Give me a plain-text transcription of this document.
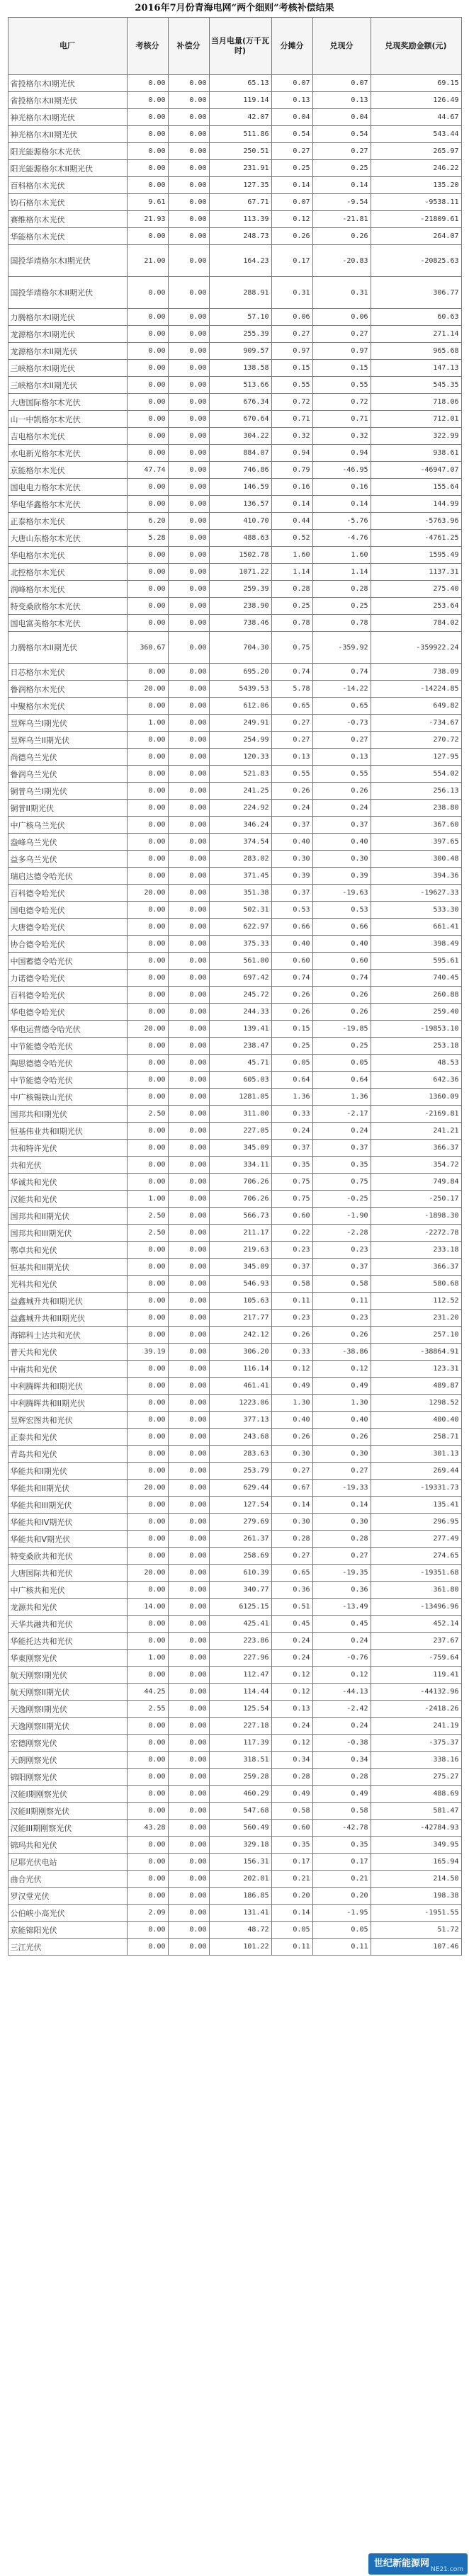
2016年7月份青海电网“两个细则”考核补偿结果
电厂	考核分	补偿分	当月电量(万千瓦时)	分摊分	兑现分	兑现奖励金额(元)
省投格尔木I期光伏	0.00	0.00	65.13	0.07	0.07	69.15
省投格尔木II期光伏	0.00	0.00	119.14	0.13	0.13	126.49
神光格尔木I期光伏	0.00	0.00	42.07	0.04	0.04	44.67
神光格尔木II期光伏	0.00	0.00	511.86	0.54	0.54	543.44
阳光能源格尔木光伏	0.00	0.00	250.51	0.27	0.27	265.97
阳光能源格尔木II期光伏	0.00	0.00	231.91	0.25	0.25	246.22
百科格尔木光伏	0.00	0.00	127.35	0.14	0.14	135.20
钧石格尔木光伏	9.61	0.00	67.71	0.07	-9.54	-9538.11
赛维格尔木光伏	21.93	0.00	113.39	0.12	-21.81	-21809.61
华能格尔木光伏	0.00	0.00	248.73	0.26	0.26	264.07
国投华靖格尔木I期光伏	21.00	0.00	164.23	0.17	-20.83	-20825.63
国投华靖格尔木II期光伏	0.00	0.00	288.91	0.31	0.31	306.77
力腾格尔木I期光伏	0.00	0.00	57.10	0.06	0.06	60.63
龙源格尔木I期光伏	0.00	0.00	255.39	0.27	0.27	271.14
龙源格尔木II期光伏	0.00	0.00	909.57	0.97	0.97	965.68
三峡格尔木I期光伏	0.00	0.00	138.58	0.15	0.15	147.13
三峡格尔木II期光伏	0.00	0.00	513.66	0.55	0.55	545.35
大唐国际格尔木光伏	0.00	0.00	676.34	0.72	0.72	718.06
山一中凯格尔木光伏	0.00	0.00	670.64	0.71	0.71	712.01
吉电格尔木光伏	0.00	0.00	304.22	0.32	0.32	322.99
水电新光格尔木光伏	0.00	0.00	884.07	0.94	0.94	938.61
京能格尔木光伏	47.74	0.00	746.86	0.79	-46.95	-46947.07
国电电力格尔木光伏	0.00	0.00	146.59	0.16	0.16	155.64
华电华鑫格尔木光伏	0.00	0.00	136.57	0.14	0.14	144.99
正泰格尔木光伏	6.20	0.00	410.70	0.44	-5.76	-5763.96
大唐山东格尔木光伏	5.28	0.00	488.63	0.52	-4.76	-4761.25
华电格尔木光伏	0.00	0.00	1502.78	1.60	1.60	1595.49
北控格尔木光伏	0.00	0.00	1071.22	1.14	1.14	1137.31
润峰格尔木光伏	0.00	0.00	259.39	0.28	0.28	275.40
特变桑欣格尔木光伏	0.00	0.00	238.90	0.25	0.25	253.64
国电富美格尔木光伏	0.00	0.00	738.46	0.78	0.78	784.02
力腾格尔木II期光伏	360.67	0.00	704.30	0.75	-359.92	-359922.24
日芯格尔木光伏	0.00	0.00	695.20	0.74	0.74	738.09
鲁润格尔木光伏	20.00	0.00	5439.53	5.78	-14.22	-14224.85
中聚格尔木光伏	0.00	0.00	612.06	0.65	0.65	649.82
昱辉乌兰I期光伏	1.00	0.00	249.91	0.27	-0.73	-734.67
昱辉乌兰II期光伏	0.00	0.00	254.99	0.27	0.27	270.72
尚德乌兰光伏	0.00	0.00	120.33	0.13	0.13	127.95
鲁润乌兰光伏	0.00	0.00	521.83	0.55	0.55	554.02
铜普乌兰I期光伏	0.00	0.00	241.25	0.26	0.26	256.13
铜普II期光伏	0.00	0.00	224.92	0.24	0.24	238.80
中广核乌兰光伏	0.00	0.00	346.24	0.37	0.37	367.60
盎峰乌兰光伏	0.00	0.00	374.54	0.40	0.40	397.65
益多乌兰光伏	0.00	0.00	283.02	0.30	0.30	300.48
瑞启达德令哈光伏	0.00	0.00	371.45	0.39	0.39	394.36
百科德令哈光伏	20.00	0.00	351.38	0.37	-19.63	-19627.33
国电德令哈光伏	0.00	0.00	502.31	0.53	0.53	533.30
大唐德令哈光伏	0.00	0.00	622.97	0.66	0.66	661.41
协合德令哈光伏	0.00	0.00	375.33	0.40	0.40	398.49
中国蓄德令哈光伏	0.00	0.00	561.00	0.60	0.60	595.61
力诺德令哈光伏	0.00	0.00	697.42	0.74	0.74	740.45
百科德令哈光伏	0.00	0.00	245.72	0.26	0.26	260.88
华电德令哈光伏	0.00	0.00	244.33	0.26	0.26	259.40
华电运营德令哈光伏	20.00	0.00	139.41	0.15	-19.85	-19853.10
中节能德令哈光伏	0.00	0.00	238.47	0.25	0.25	253.18
陶思德德令哈光伏	0.00	0.00	45.71	0.05	0.05	48.53
中节能德令哈光伏	0.00	0.00	605.03	0.64	0.64	642.36
中广核锡铁山光伏	0.00	0.00	1281.05	1.36	1.36	1360.09
国邦共和I期光伏	2.50	0.00	311.00	0.33	-2.17	-2169.81
恒基伟业共和I期光伏	0.00	0.00	227.05	0.24	0.24	241.21
共和特许光伏	0.00	0.00	345.09	0.37	0.37	366.37
共和光伏	0.00	0.00	334.11	0.35	0.35	354.72
华诚共和光伏	0.00	0.00	706.26	0.75	0.75	749.84
汉能共和光伏	1.00	0.00	706.26	0.75	-0.25	-250.17
国邦共和II期光伏	2.50	0.00	566.73	0.60	-1.90	-1898.30
国邦共和III期光伏	2.50	0.00	211.17	0.22	-2.28	-2272.78
鄂卓共和光伏	0.00	0.00	219.63	0.23	0.23	233.18
恒基共和II期光伏	0.00	0.00	345.09	0.37	0.37	366.37
光科共和光伏	0.00	0.00	546.93	0.58	0.58	580.68
益鑫城升共和I期光伏	0.00	0.00	105.63	0.11	0.11	112.52
益鑫城升共和II期光伏	0.00	0.00	217.77	0.23	0.23	231.20
海锦科士达共和光伏	0.00	0.00	242.12	0.26	0.26	257.10
普天共和光伏	39.19	0.00	306.20	0.33	-38.86	-38864.91
中南共和光伏	0.00	0.00	116.14	0.12	0.12	123.31
中利腾晖共和I期光伏	0.00	0.00	461.41	0.49	0.49	489.87
中利腾晖共和II期光伏	0.00	0.00	1223.06	1.30	1.30	1298.52
昱辉宏图共和光伏	0.00	0.00	377.13	0.40	0.40	400.40
正泰共和光伏	0.00	0.00	243.68	0.26	0.26	258.71
青岛共和光伏	0.00	0.00	283.63	0.30	0.30	301.13
华能共和I期光伏	0.00	0.00	253.79	0.27	0.27	269.44
华能共和II期光伏	20.00	0.00	629.44	0.67	-19.33	-19331.73
华能共和III期光伏	0.00	0.00	127.54	0.14	0.14	135.41
华能共和IV期光伏	0.00	0.00	279.69	0.30	0.30	296.95
华能共和V期光伏	0.00	0.00	261.37	0.28	0.28	277.49
特变桑欣共和光伏	0.00	0.00	258.69	0.27	0.27	274.65
大唐国际共和光伏	20.00	0.00	610.39	0.65	-19.35	-19351.68
中广核共和光伏	0.00	0.00	340.77	0.36	0.36	361.80
龙源共和光伏	14.00	0.00	6125.15	0.51	-13.49	-13496.96
天华共融共和光伏	0.00	0.00	425.41	0.45	0.45	452.14
华能托达共和光伏	0.00	0.00	223.86	0.24	0.24	237.67
华東刚察光伏	1.00	0.00	227.96	0.24	-0.76	-759.64
航天刚察I期光伏	0.00	0.00	112.47	0.12	0.12	119.41
航天刚察II期光伏	44.25	0.00	114.44	0.12	-44.13	-44132.96
天逸刚察I期光伏	2.55	0.00	125.54	0.13	-2.42	-2418.26
天逸刚察II期光伏	0.00	0.00	227.18	0.24	0.24	241.19
宏德刚察光伏	0.00	0.00	117.39	0.12	-0.38	-375.37
天朗刚察光伏	0.00	0.00	318.51	0.34	0.34	338.16
锦阳刚察光伏	0.00	0.00	259.28	0.28	0.28	275.27
汉能I期刚察光伏	0.00	0.00	460.29	0.49	0.49	488.69
汉能II期刚察光伏	0.00	0.00	547.68	0.58	0.58	581.47
汉能III期刚察光伏	43.28	0.00	560.49	0.60	-42.78	-42784.93
锦玛共和光伏	0.00	0.00	329.18	0.35	0.35	349.95
尼耶光伏电站	0.00	0.00	156.31	0.17	0.17	165.94
曲合光伏	0.00	0.00	202.01	0.21	0.21	214.50
罗汉堂光伏	0.00	0.00	186.85	0.20	0.20	198.38
公伯峡小高光伏	2.09	0.00	131.41	0.14	-1.95	-1951.55
京能锦阳光伏	0.00	0.00	48.72	0.05	0.05	51.72
三江光伏	0.00	0.00	101.22	0.11	0.11	107.46
世纪新能源网
NE21.com
